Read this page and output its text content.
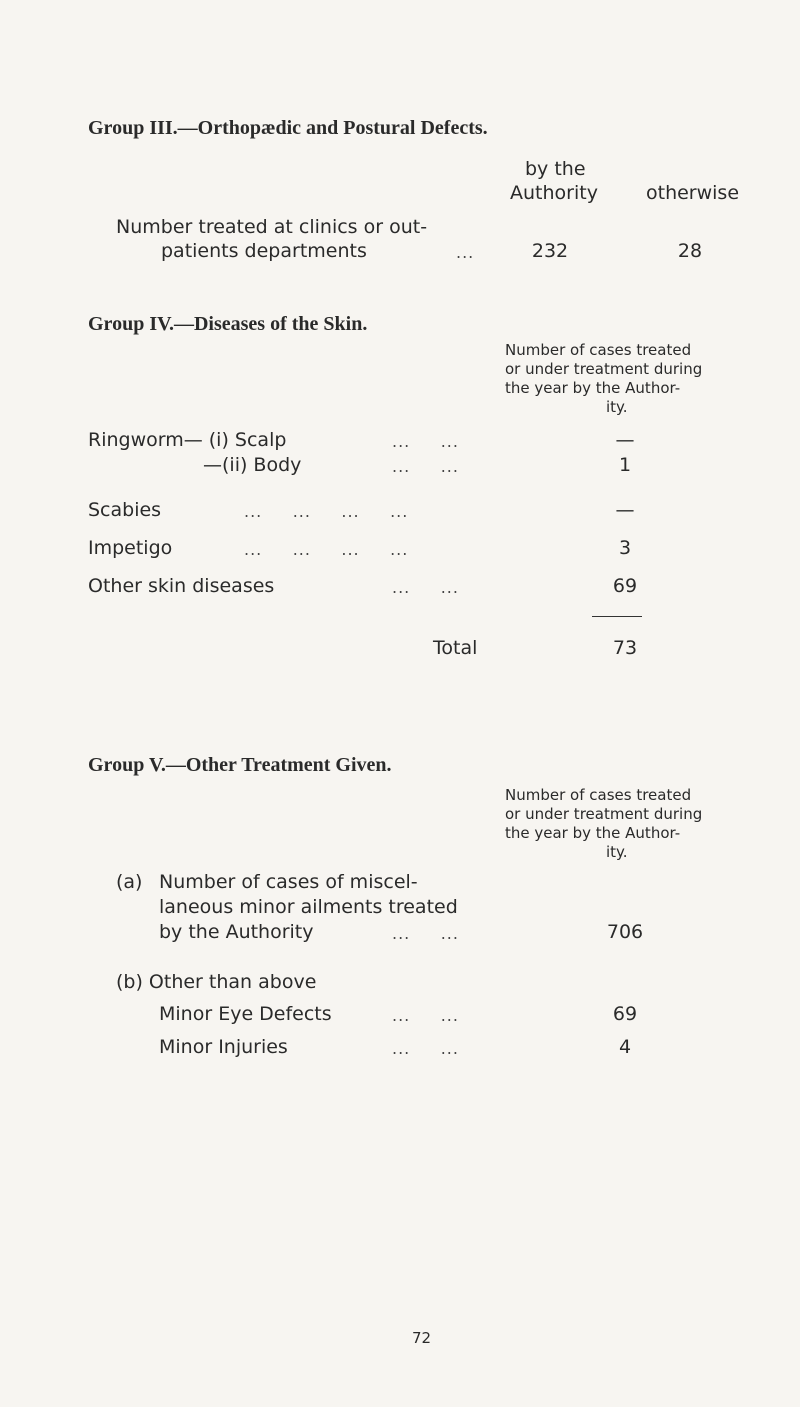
Group III.—Orthopædic and Postural Defects.
by the
Authority	otherwise
Number treated at clinics or out-
patients departments	...	232	28
Group IV.—Diseases of the Skin.
Number of cases treated
or under treatment during
the year by the Author-
ity.
Ringworm— (i) Scalp	...     ...	—
—(ii) Body	...     ...	1
Scabies	...     ...     ...     ...	—
Impetigo	...     ...     ...     ...	3
Other skin diseases	...     ...	69
Total	73
Group V.—Other Treatment Given.
Number of cases treated
or under treatment during
the year by the Author-
ity.
(a) Number of cases of miscel-
laneous minor ailments treated
by the Authority	...     ...	706
(b) Other than above
Minor Eye Defects	...     ...	69
Minor Injuries	...     ...	4
72
